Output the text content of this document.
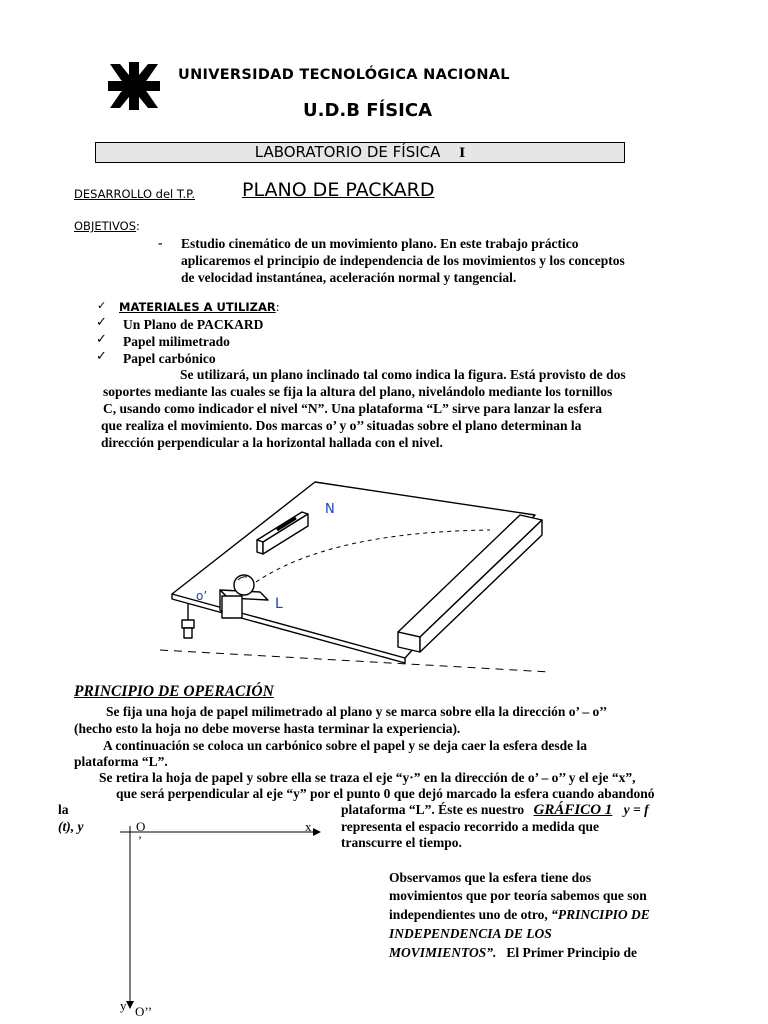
UNIVERSIDAD TECNOLÓGICA NACIONAL
U.D.B FÍSICA
LABORATORIO DE FÍSICA I
DESARROLLO del T.P. PLANO DE PACKARD
OBJETIVOS:
- Estudio cinemático de un movimiento plano. En este trabajo práctico
aplicaremos el principio de independencia de los movimientos y los conceptos
de velocidad instantánea, aceleración normal y tangencial.
✓ MATERIALES A UTILIZAR:
✓ Un Plano de PACKARD
✓ Papel milimetrado
✓ Papel carbónico
Se utilizará, un plano inclinado tal como indica la figura. Está provisto de dos
soportes mediante las cuales se fija la altura del plano, nivelándolo mediante los tornillos
C, usando como indicador el nivel “N”. Una plataforma “L” sirve para lanzar la esfera
que realiza el movimiento. Dos marcas o’ y o’’ situadas sobre el plano determinan la
dirección perpendicular a la horizontal hallada con el nivel.
N
o’	L
PRINCIPIO DE OPERACIÓN
Se fija una hoja de papel milimetrado al plano y se marca sobre ella la dirección o’ – o’’
(hecho esto la hoja no debe moverse hasta terminar la experiencia).
A continuación se coloca un carbónico sobre el papel y se deja caer la esfera desde la
plataforma “L”.
Se retira la hoja de papel y sobre ella se traza el eje “y·” en la dirección de o’ – o’’ y el eje “x”,
que será perpendicular al eje “y” por el punto 0 que dejó marcado la esfera cuando abandonó
la
(t), y
plataforma “L”. Éste es nuestro GRÁFICO 1 y = f
representa el espacio recorrido a medida que
transcurre el tiempo.
Observamos que la esfera tiene dos
movimientos que por teoría sabemos que son
independientes uno de otro, “PRINCIPIO DE
INDEPENDENCIA DE LOS
MOVIMIENTOS”. El Primer Principio de
O
’
x
y O’’
